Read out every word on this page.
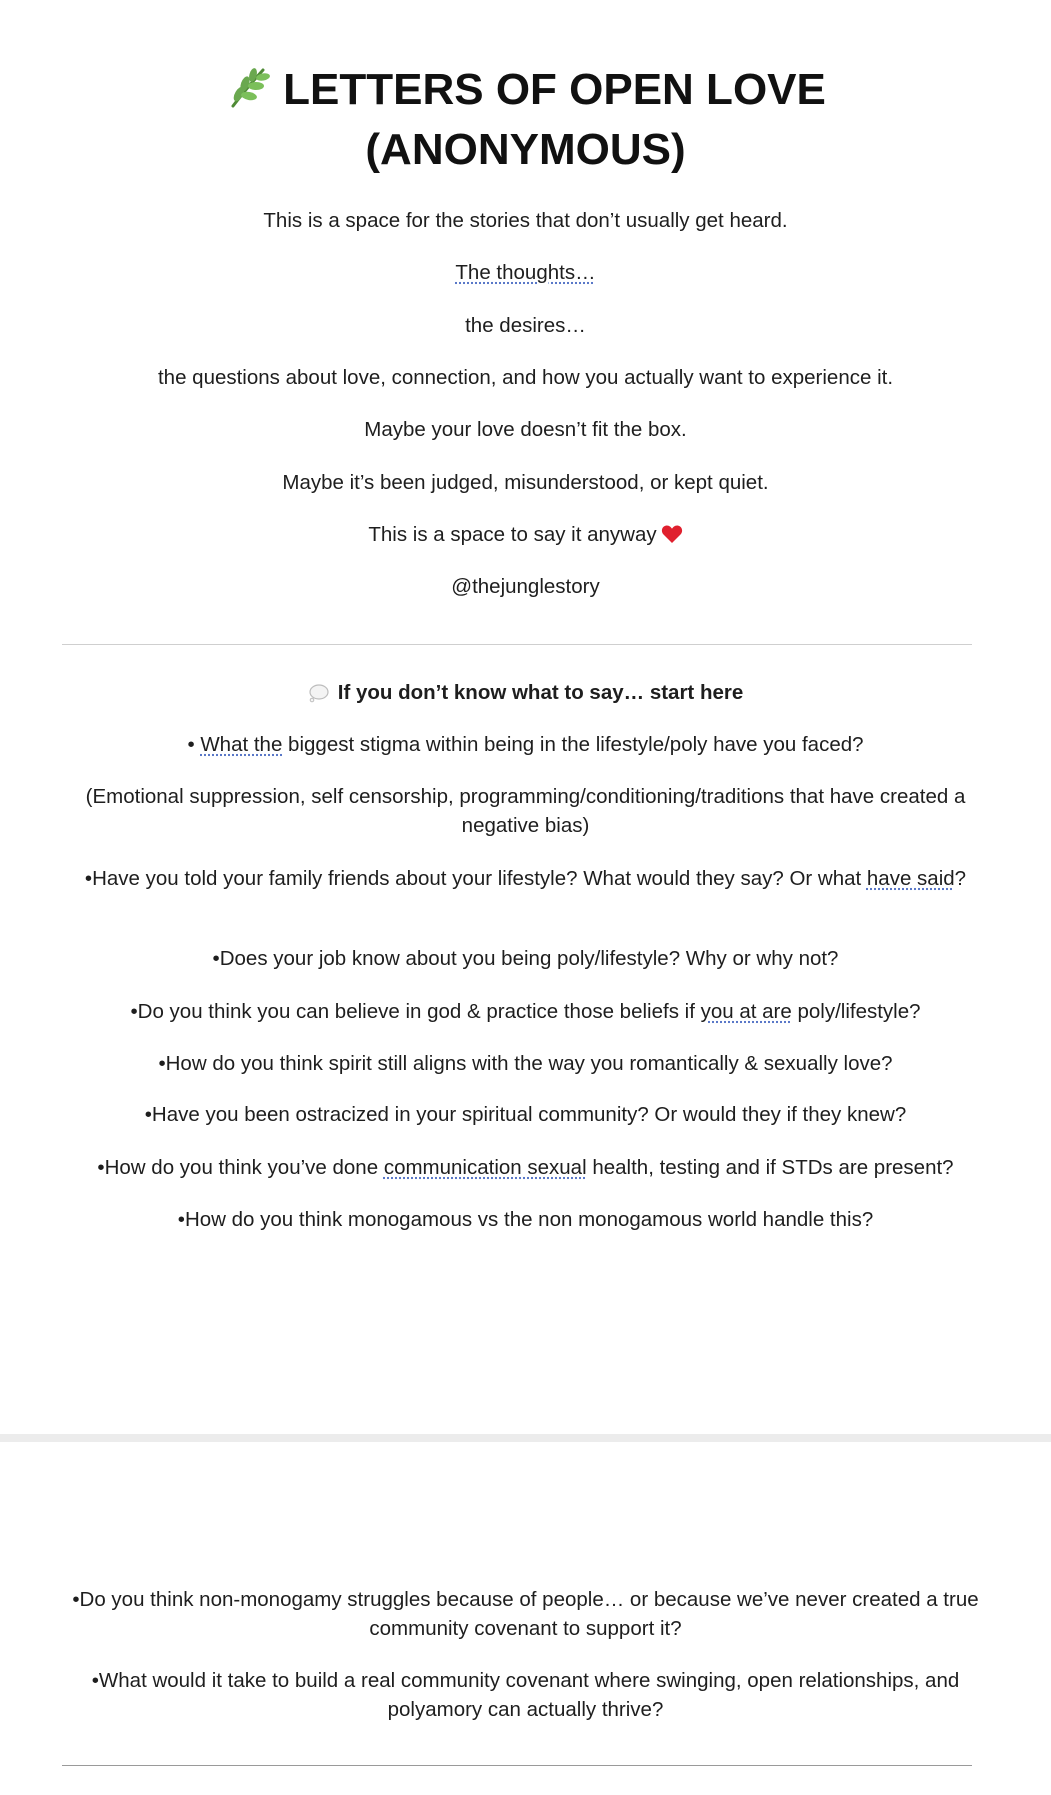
LETTERS OF OPEN LOVE
(ANONYMOUS)

This is a space for the stories that don’t usually get heard.

The thoughts…

the desires…

the questions about love, connection, and how you actually want to experience it.

Maybe your love doesn’t fit the box.

Maybe it’s been judged, misunderstood, or kept quiet.

This is a space to say it anyway

@thejunglestory

If you don’t know what to say… start here

• What the biggest stigma within being in the lifestyle/poly have you faced?

(Emotional suppression, self censorship, programming/conditioning/traditions that have created a negative bias)

•Have you told your family friends about your lifestyle? What would they say? Or what have said?

•Does your job know about you being poly/lifestyle? Why or why not?

•Do you think you can believe in god & practice those beliefs if you at are poly/lifestyle?

•How do you think spirit still aligns with the way you romantically & sexually love?

•Have you been ostracized in your spiritual community? Or would they if they knew?

•How do you think you’ve done communication sexual health, testing and if STDs are present?

•How do you think monogamous vs the non monogamous world handle this?

•Do you think non-monogamy struggles because of people… or because we’ve never created a true community covenant to support it?

•What would it take to build a real community covenant where swinging, open relationships, and polyamory can actually thrive?
